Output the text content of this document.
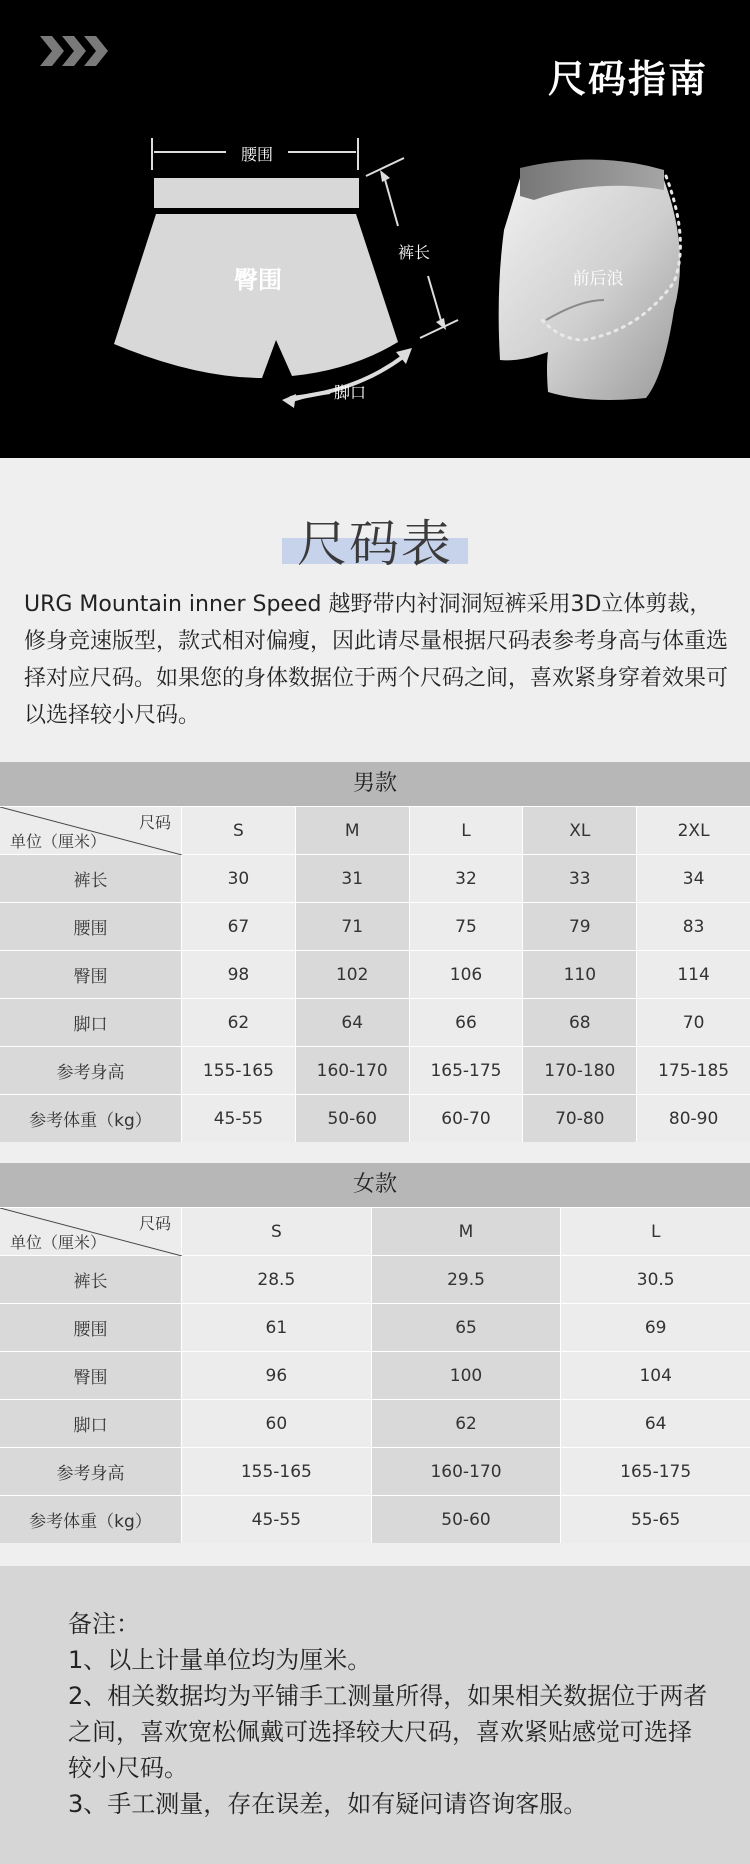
尺码指南
腰围
臀围
裤长
脚口
前后浪
尺码表
URG Mountain inner Speed 越野带内衬洞洞短裤采用3D立体剪裁，修身竞速版型，款式相对偏瘦，因此请尽量根据尺码表参考身高与体重选择对应尺码。如果您的身体数据位于两个尺码之间，喜欢紧身穿着效果可以选择较小尺码。
男款
尺码
单位（厘米）
S	M	L	XL	2XL
裤长	30	31	32	33	34
腰围	67	71	75	79	83
臀围	98	102	106	110	114
脚口	62	64	66	68	70
参考身高	155-165	160-170	165-175	170-180	175-185
参考体重（kg）	45-55	50-60	60-70	70-80	80-90
女款
尺码
单位（厘米）
S	M	L
裤长	28.5	29.5	30.5
腰围	61	65	69
臀围	96	100	104
脚口	60	62	64
参考身高	155-165	160-170	165-175
参考体重（kg）	45-55	50-60	55-65
备注：
1、以上计量单位均为厘米。
2、相关数据均为平铺手工测量所得，如果相关数据位于两者之间，喜欢宽松佩戴可选择较大尺码，喜欢紧贴感觉可选择较小尺码。
3、手工测量，存在误差，如有疑问请咨询客服。
